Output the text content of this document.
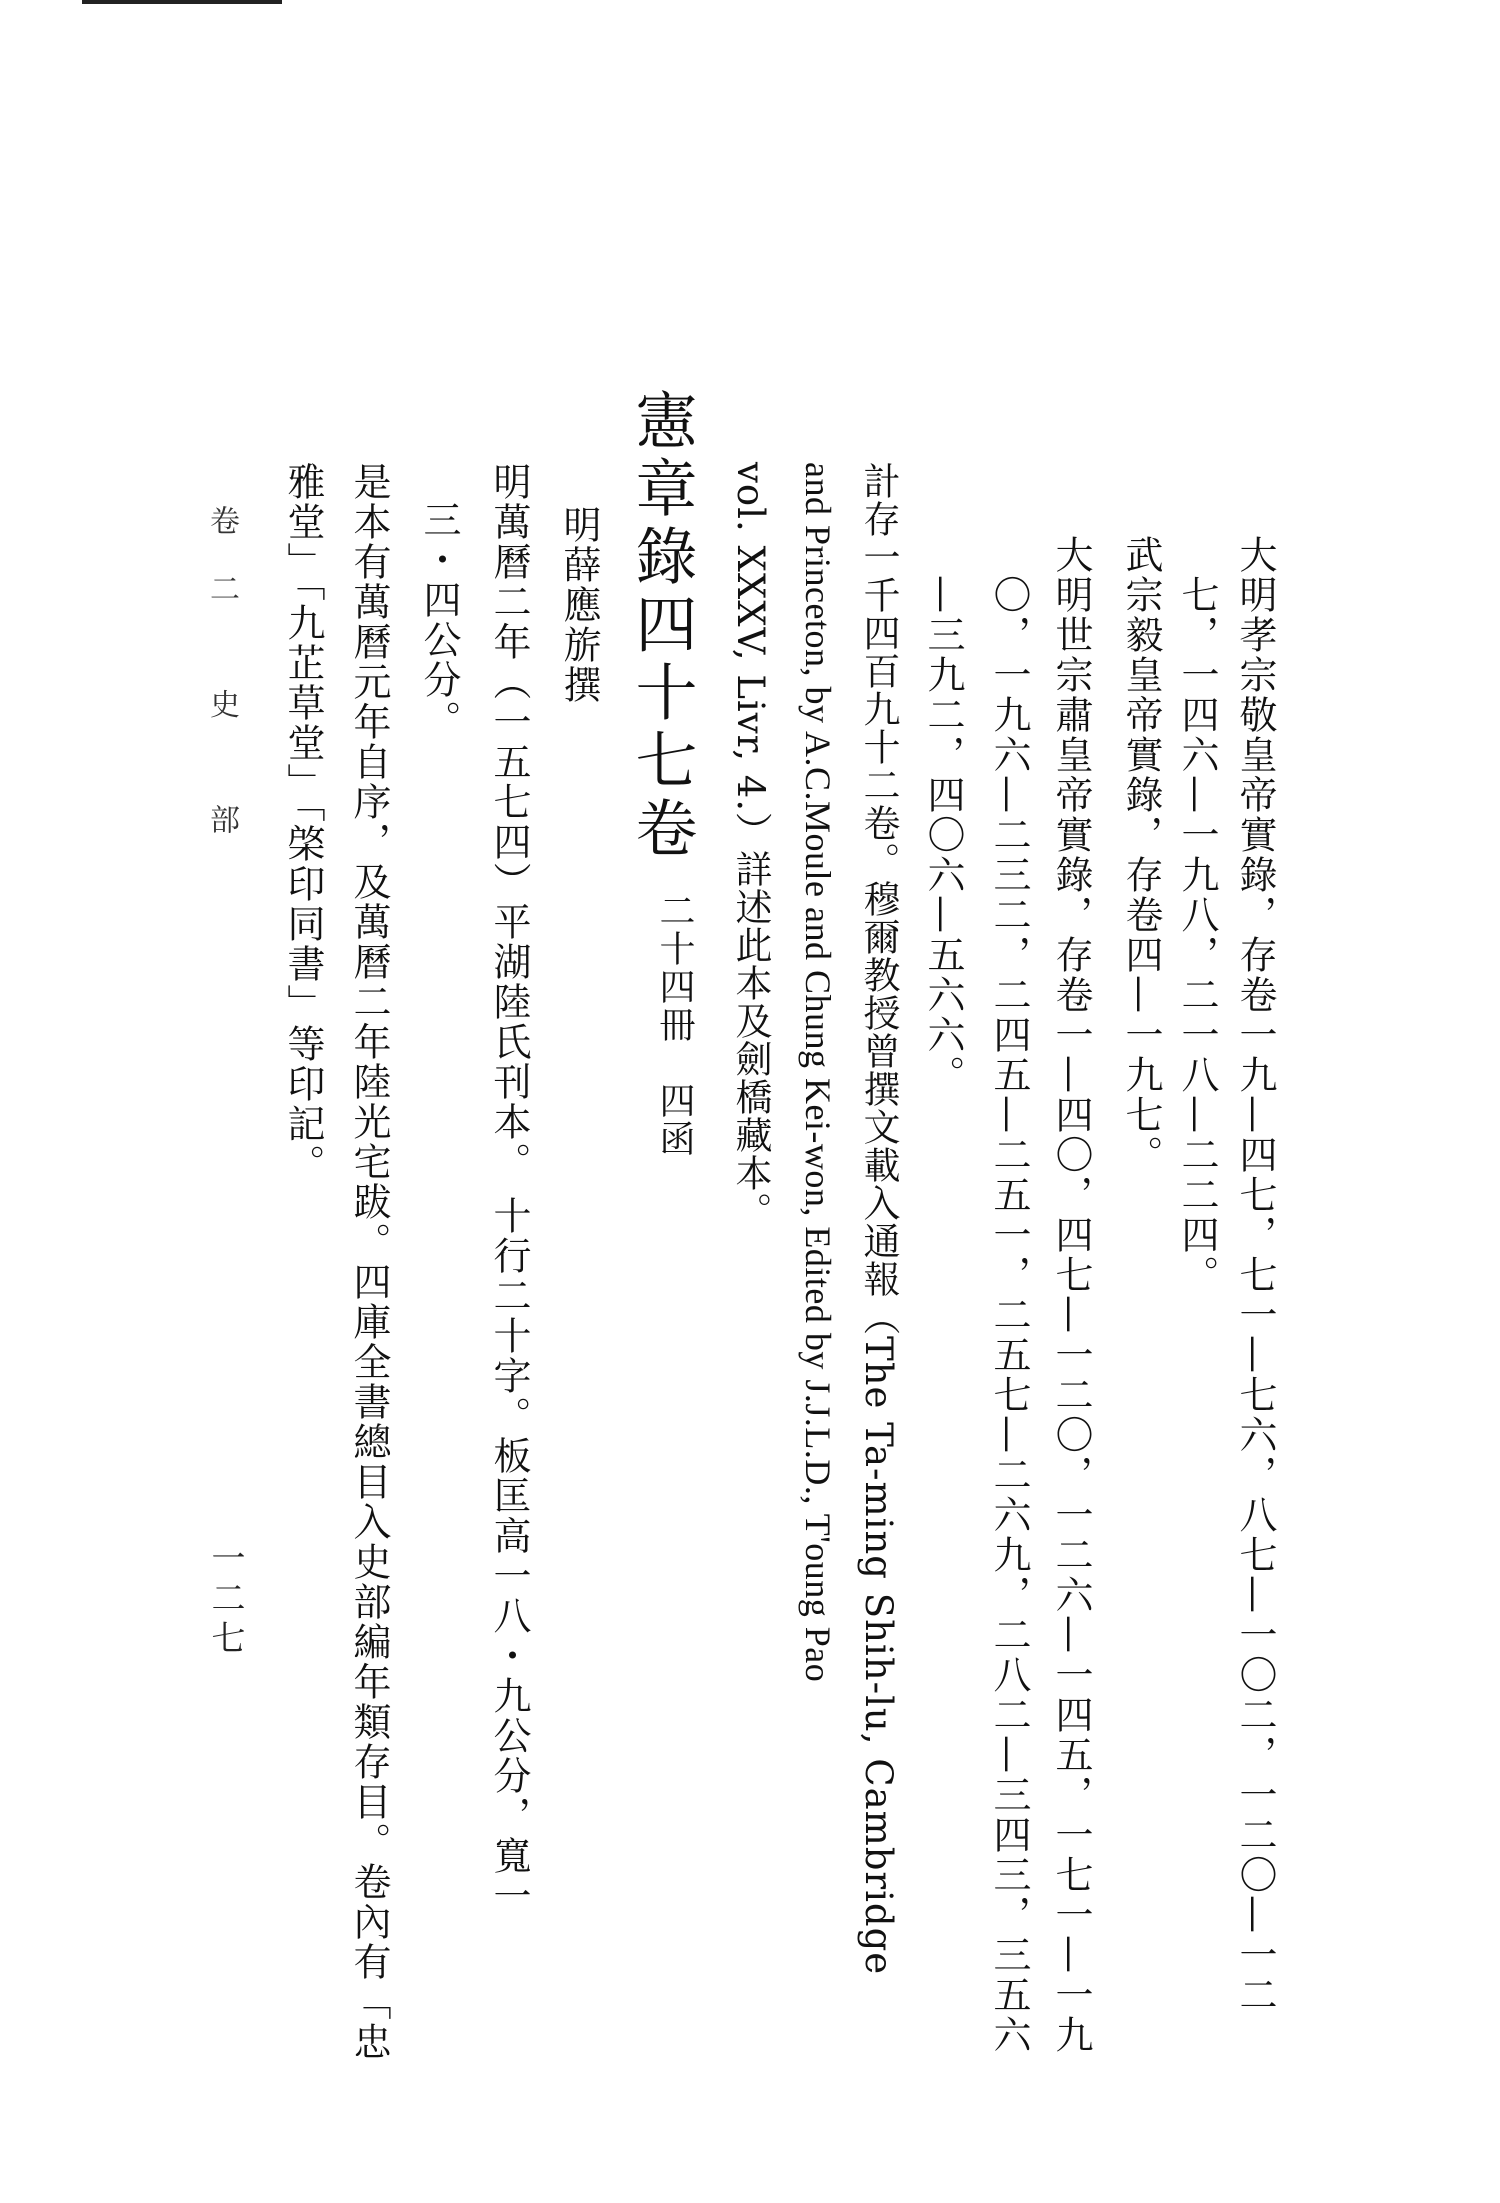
大明孝宗敬皇帝實錄，存卷一九—四七，七一—七六，八七—一〇二，一二〇—一二
七，一四六—一九八，二一八—二二四。
武宗毅皇帝實錄，存卷四—一九七。
大明世宗肅皇帝實錄，存卷一—四〇，四七—一二〇，一二六—一四五，一七一—一九
〇，一九六—二三二，二四五—二五一，二五七—二六九，二八二—三四三，三五六
—三九二，四〇六—五六六。
計存一千四百九十二卷。穆爾教授曾撰文載入通報（The Ta-ming Shih-lu, Cambridge
and Princeton, by A.C.Moule and Chung Kei-won, Edited by J.J.L.D., T'oung Pao
vol. XXXV, Livr, 4.）詳述此本及劍橋藏本。
憲章錄四十七卷
二十四冊　四函
明薛應旂撰
明萬曆二年（一五七四）平湖陸氏刊本。 十行二十字。板匡高一八・九公分，寬一
三・四公分。
是本有萬曆元年自序，及萬曆二年陸光宅跋。四庫全書總目入史部編年類存目。卷內有「忠
雅堂」「九芷草堂」「棨印同書」等印記。
卷二 史 部
一二七
